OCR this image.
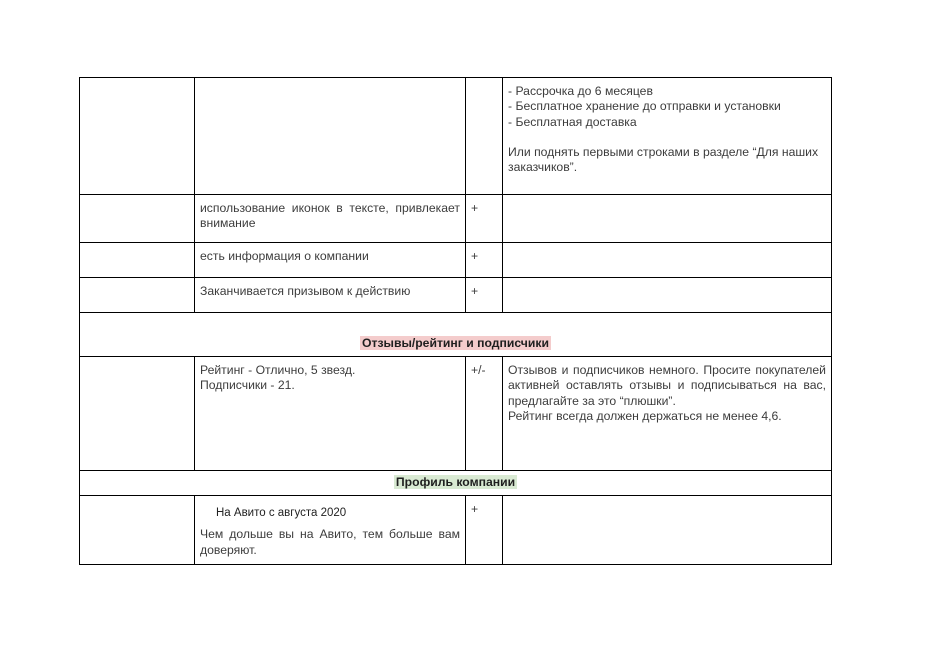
			- Рассрочка до 6 месяцев
- Бесплатное хранение до отправки и установки
- Бесплатная доставка
Или поднять первыми строками в разделе “Для наших заказчиков”.

	использование иконок в тексте, привлекает внимание	+	
	есть информация о компании	+	
	Заканчивается призывом к действию	+	
Отзывы/рейтинг и подписчики			

	Рейтинг - Отлично, 5 звезд.
Подписчики - 21.	+/-	Отзывов и подписчиков немного. Просите покупателей активней оставлять отзывы и подписываться на вас, предлагайте за это “плюшки”.
Рейтинг всегда должен держаться не менее 4,6.

Профиль компании			

	На Авито с августа 2020
Чем дольше вы на Авито, тем больше вам доверяют.	+	
